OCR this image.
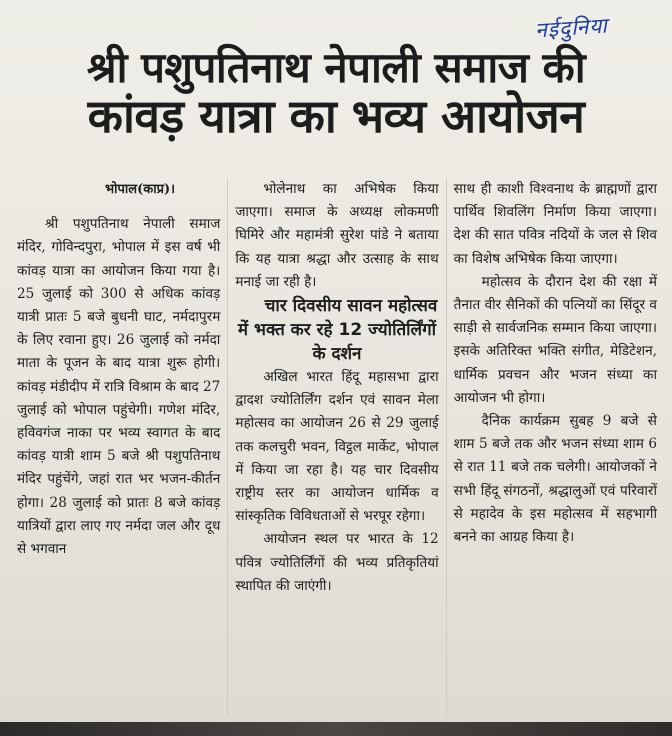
नईदुनिया
श्री पशुपतिनाथ नेपाली समाज की
कांवड़ यात्रा का भव्य आयोजन

भोपाल(काप्र)।

श्री पशुपतिनाथ नेपाली समाज मंदिर, गोविन्दपुरा, भोपाल में इस वर्ष भी कांवड़ यात्रा का आयोजन किया गया है। 25 जुलाई को 300 से अधिक कांवड़ यात्री प्रातः 5 बजे बुधनी घाट, नर्मदापुरम के लिए रवाना हुए। 26 जुलाई को नर्मदा माता के पूजन के बाद यात्रा शुरू होगी। कांवड़ मंडीदीप में रात्रि विश्राम के बाद 27 जुलाई को भोपाल पहुंचेगी। गणेश मंदिर, हविवगंज नाका पर भव्य स्वागत के बाद कांवड़ यात्री शाम 5 बजे श्री पशुपतिनाथ मंदिर पहुंचेंगे, जहां रात भर भजन-कीर्तन होगा। 28 जुलाई को प्रातः 8 बजे कांवड़ यात्रियों द्वारा लाए गए नर्मदा जल और दूध से भगवान

भोलेनाथ का अभिषेक किया जाएगा। समाज के अध्यक्ष लोकमणी घिमिरे और महामंत्री सुरेश पांडे ने बताया कि यह यात्रा श्रद्धा और उत्साह के साथ मनाई जा रही है।

चार दिवसीय सावन महोत्सव में भक्त कर रहे 12 ज्योतिर्लिंगों के दर्शन

अखिल भारत हिंदू महासभा द्वारा द्वादश ज्योतिर्लिंग दर्शन एवं सावन मेला महोत्सव का आयोजन 26 से 29 जुलाई तक कलचुरी भवन, विट्ठल मार्केट, भोपाल में किया जा रहा है। यह चार दिवसीय राष्ट्रीय स्तर का आयोजन धार्मिक व सांस्कृतिक विविधताओं से भरपूर रहेगा।

आयोजन स्थल पर भारत के 12 पवित्र ज्योतिर्लिंगों की भव्य प्रतिकृतियां स्थापित की जाएंगी।

साथ ही काशी विश्वनाथ के ब्राह्मणों द्वारा पार्थिव शिवलिंग निर्माण किया जाएगा। देश की सात पवित्र नदियों के जल से शिव का विशेष अभिषेक किया जाएगा।

महोत्सव के दौरान देश की रक्षा में तैनात वीर सैनिकों की पत्नियों का सिंदूर व साड़ी से सार्वजनिक सम्मान किया जाएगा। इसके अतिरिक्त भक्ति संगीत, मेडिटेशन, धार्मिक प्रवचन और भजन संध्या का आयोजन भी होगा।

दैनिक कार्यक्रम सुबह 9 बजे से शाम 5 बजे तक और भजन संध्या शाम 6 से रात 11 बजे तक चलेगी। आयोजकों ने सभी हिंदू संगठनों, श्रद्धालुओं एवं परिवारों से महादेव के इस महोत्सव में सहभागी बनने का आग्रह किया है।
